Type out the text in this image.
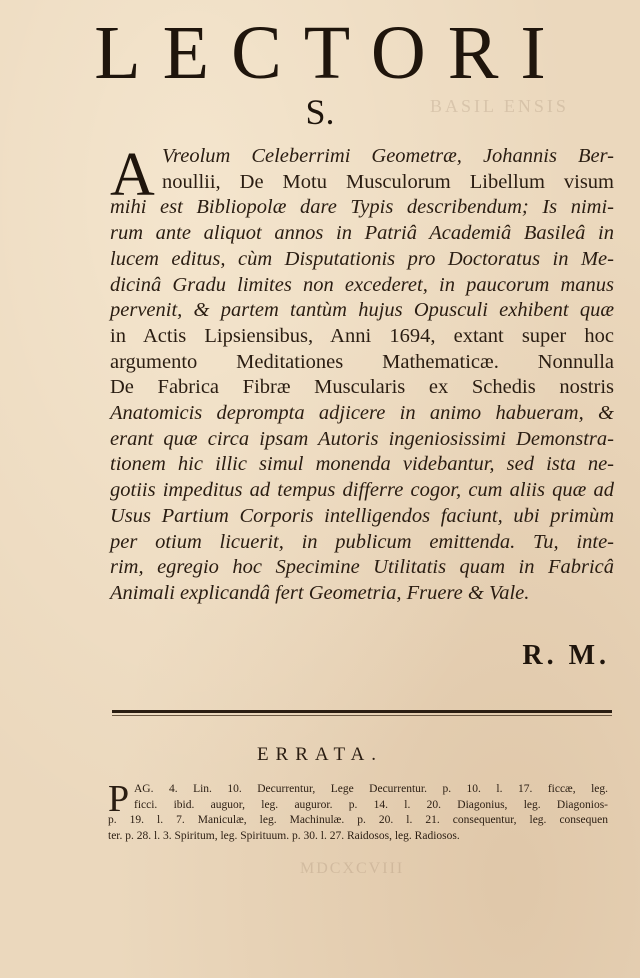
BASIL ENSIS
MDCXCVIII
LECTORI
S.
A Vreolum Celeberrimi Geometræ, Johannis Ber-
noullii, De Motu Musculorum Libellum visum
mihi est Bibliopolæ dare Typis describendum; Is nimi-
rum ante aliquot annos in Patriâ Academiâ Basileâ in
lucem editus, cùm Disputationis pro Doctoratus in Me-
dicinâ Gradu limites non excederet, in paucorum manus
pervenit, & partem tantùm hujus Opusculi exhibent quæ
in Actis Lipsiensibus, Anni 1694, extant super hoc
argumento Meditationes Mathematicæ. Nonnulla
De Fabrica Fibræ Muscularis ex Schedis nostris
Anatomicis deprompta adjicere in animo habueram, &
erant quæ circa ipsam Autoris ingeniosissimi Demonstra-
tionem hic illic simul monenda videbantur, sed ista ne-
gotiis impeditus ad tempus differre cogor, cum aliis quæ ad
Usus Partium Corporis intelligendos faciunt, ubi primùm
per otium licuerit, in publicum emittenda. Tu, inte-
rim, egregio hoc Specimine Utilitatis quam in Fabricâ
Animali explicandâ fert Geometria, Fruere & Vale.
R. M.
ERRATA.
P AG. 4. Lin. 10. Decurrentur, Lege Decurrentur. p. 10. l. 17. ficcæ, leg.
ficci. ibid. auguor, leg. auguror. p. 14. l. 20. Diagonius, leg. Diagonios-
p. 19. l. 7. Maniculæ, leg. Machinulæ. p. 20. l. 21. consequentur, leg. consequen
ter. p. 28. l. 3. Spiritum, leg. Spirituum. p. 30. l. 27. Raidosos, leg. Radiosos.
